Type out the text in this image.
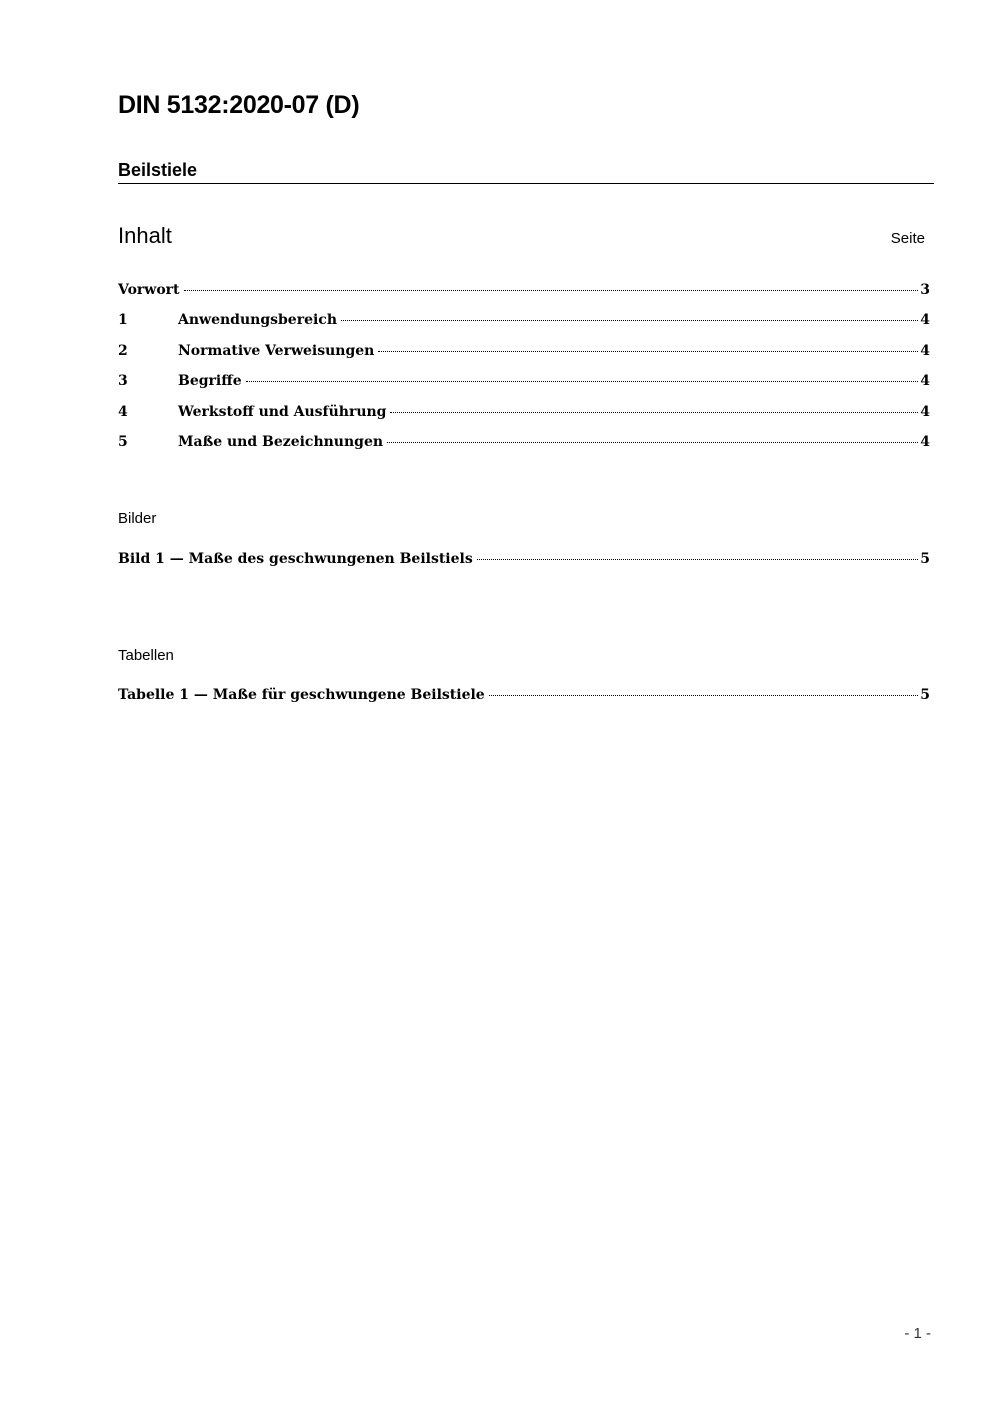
DIN 5132:2020-07 (D)
Beilstiele
Inhalt	Seite
Vorwort	3
1	Anwendungsbereich	4
2	Normative Verweisungen	4
3	Begriffe	4
4	Werkstoff und Ausführung	4
5	Maße und Bezeichnungen	4
Bilder
Bild 1 — Maße des geschwungenen Beilstiels	5
Tabellen
Tabelle 1 — Maße für geschwungene Beilstiele	5
- 1 -
